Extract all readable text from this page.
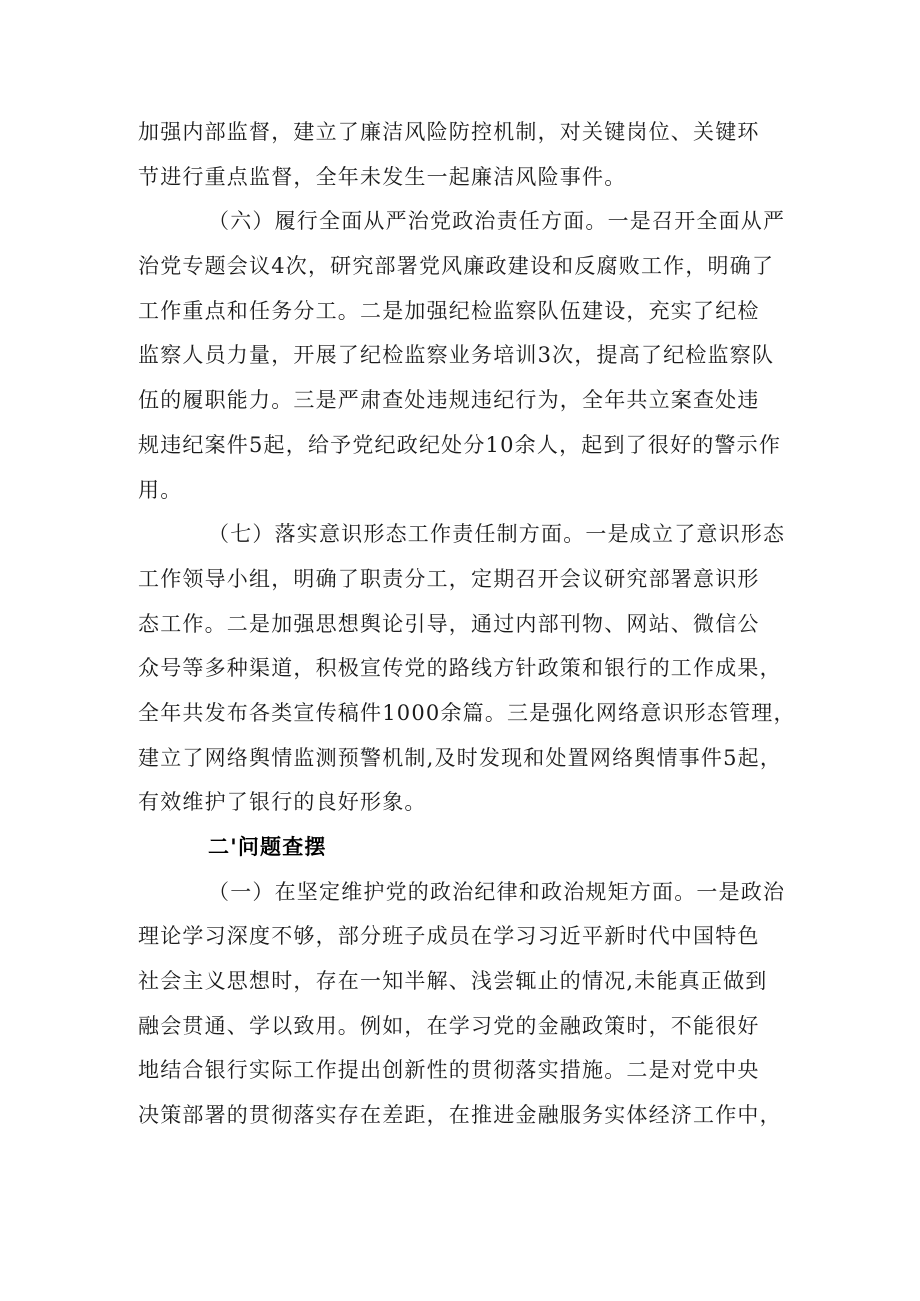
加强内部监督，建立了廉洁风险防控机制，对关键岗位、关键环
节进行重点监督，全年未发生一起廉洁风险事件。
（六）履行全面从严治党政治责任方面。一是召开全面从严
治党专题会议4次，研究部署党风廉政建设和反腐败工作，明确了
工作重点和任务分工。二是加强纪检监察队伍建设，充实了纪检
监察人员力量，开展了纪检监察业务培训3次，提高了纪检监察队
伍的履职能力。三是严肃查处违规违纪行为，全年共立案查处违
规违纪案件5起，给予党纪政纪处分10余人，起到了很好的警示作
用。
（七）落实意识形态工作责任制方面。一是成立了意识形态
工作领导小组，明确了职责分工，定期召开会议研究部署意识形
态工作。二是加强思想舆论引导，通过内部刊物、网站、微信公
众号等多种渠道，积极宣传党的路线方针政策和银行的工作成果，
全年共发布各类宣传稿件1000余篇。三是强化网络意识形态管理，
建立了网络舆情监测预警机制,及时发现和处置网络舆情事件5起，
有效维护了银行的良好形象。
二'问题查摆
（一）在坚定维护党的政治纪律和政治规矩方面。一是政治
理论学习深度不够，部分班子成员在学习习近平新时代中国特色
社会主义思想时，存在一知半解、浅尝辄止的情况,未能真正做到
融会贯通、学以致用。例如，在学习党的金融政策时，不能很好
地结合银行实际工作提出创新性的贯彻落实措施。二是对党中央
决策部署的贯彻落实存在差距，在推进金融服务实体经济工作中，
